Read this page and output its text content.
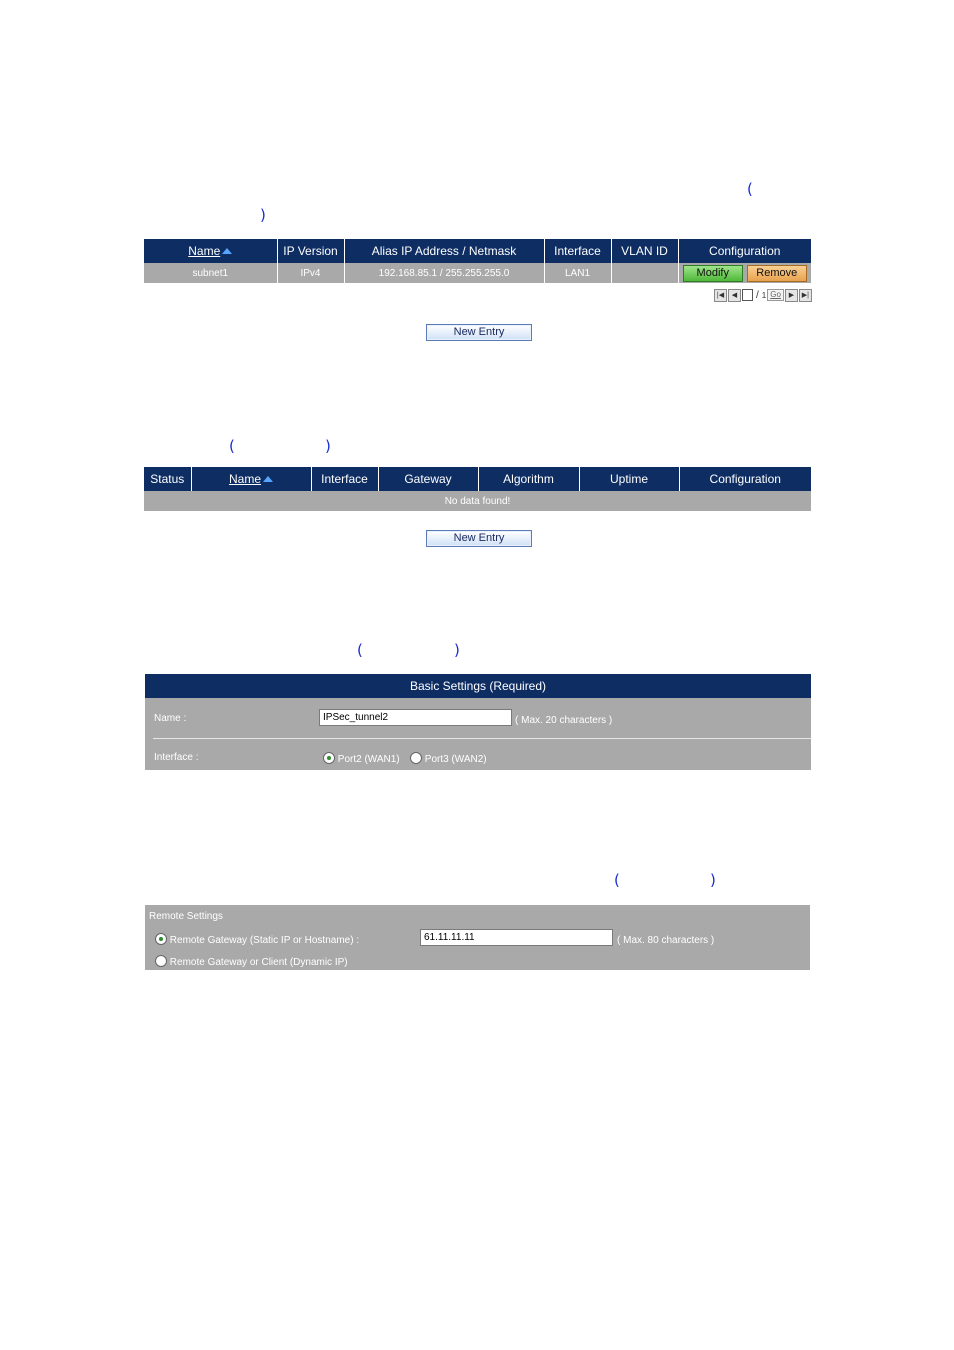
(
)
Name	IP Version	Alias IP Address / Netmask	Interface	VLAN ID	Configuration
subnet1	IPv4	192.168.85.1 / 255.255.255.0	LAN1		Modify Remove
|◀	◀	/ 1 Go	▶	▶|
New Entry
(	)
Status	Name	Interface	Gateway	Algorithm	Uptime	Configuration
No data found!
New Entry
(	)
Basic Settings (Required)
Name :	IPSec_tunnel2	( Max. 20 characters )
Interface :	Port2 (WAN1)	Port3 (WAN2)
(	)
Remote Settings
Remote Gateway (Static IP or Hostname) :	61.11.11.11	( Max. 80 characters )
Remote Gateway or Client (Dynamic IP)
